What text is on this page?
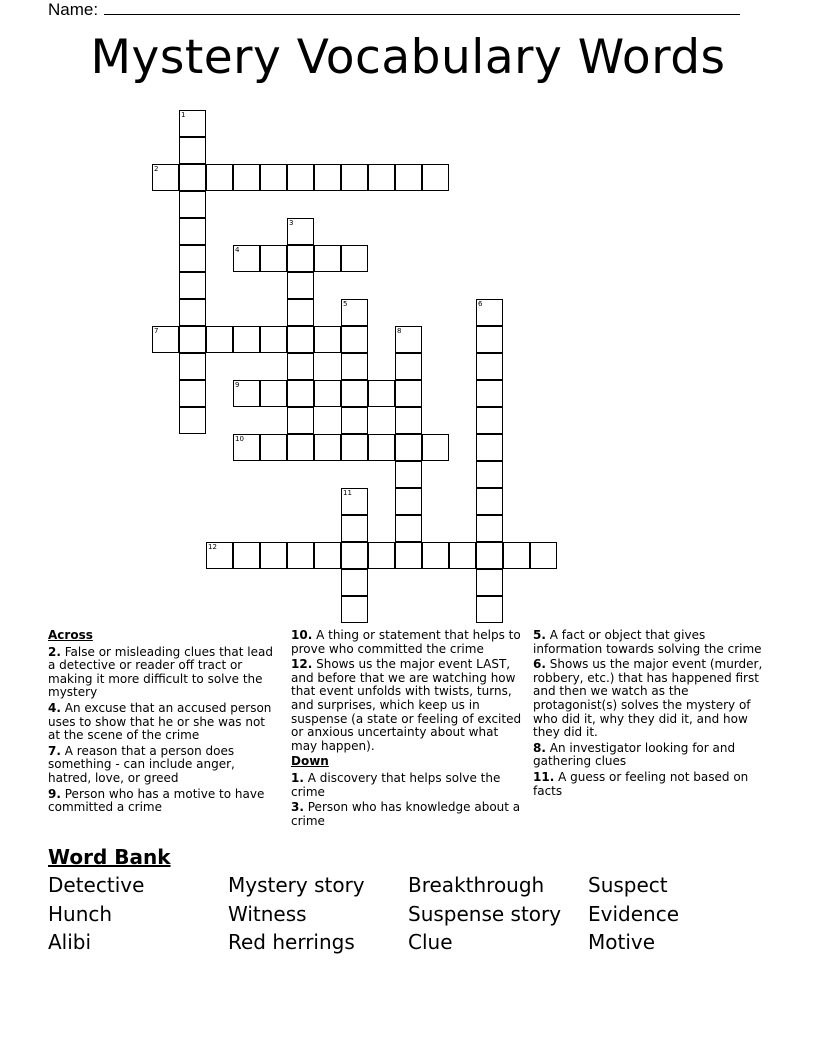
Name:
Mystery Vocabulary Words
1
2
3
4
5	6
7	8
9
10
11
12
Across
2. False or misleading clues that lead a detective or reader off tract or making it more difficult to solve the mystery
4. An excuse that an accused person uses to show that he or she was not at the scene of the crime
7. A reason that a person does something - can include anger, hatred, love, or greed
9. Person who has a motive to have committed a crime
10. A thing or statement that helps to prove who committed the crime
12. Shows us the major event LAST, and before that we are watching how that event unfolds with twists, turns, and surprises, which keep us in suspense (a state or feeling of excited or anxious uncertainty about what may happen).
Down
1. A discovery that helps solve the crime
3. Person who has knowledge about a crime
5. A fact or object that gives information towards solving the crime
6. Shows us the major event (murder, robbery, etc.) that has happened first and then we watch as the protagonist(s) solves the mystery of who did it, why they did it, and how they did it.
8. An investigator looking for and gathering clues
11. A guess or feeling not based on facts
Word Bank
Detective	Mystery story	Breakthrough	Suspect
Hunch	Witness	Suspense story	Evidence
Alibi	Red herrings	Clue	Motive
